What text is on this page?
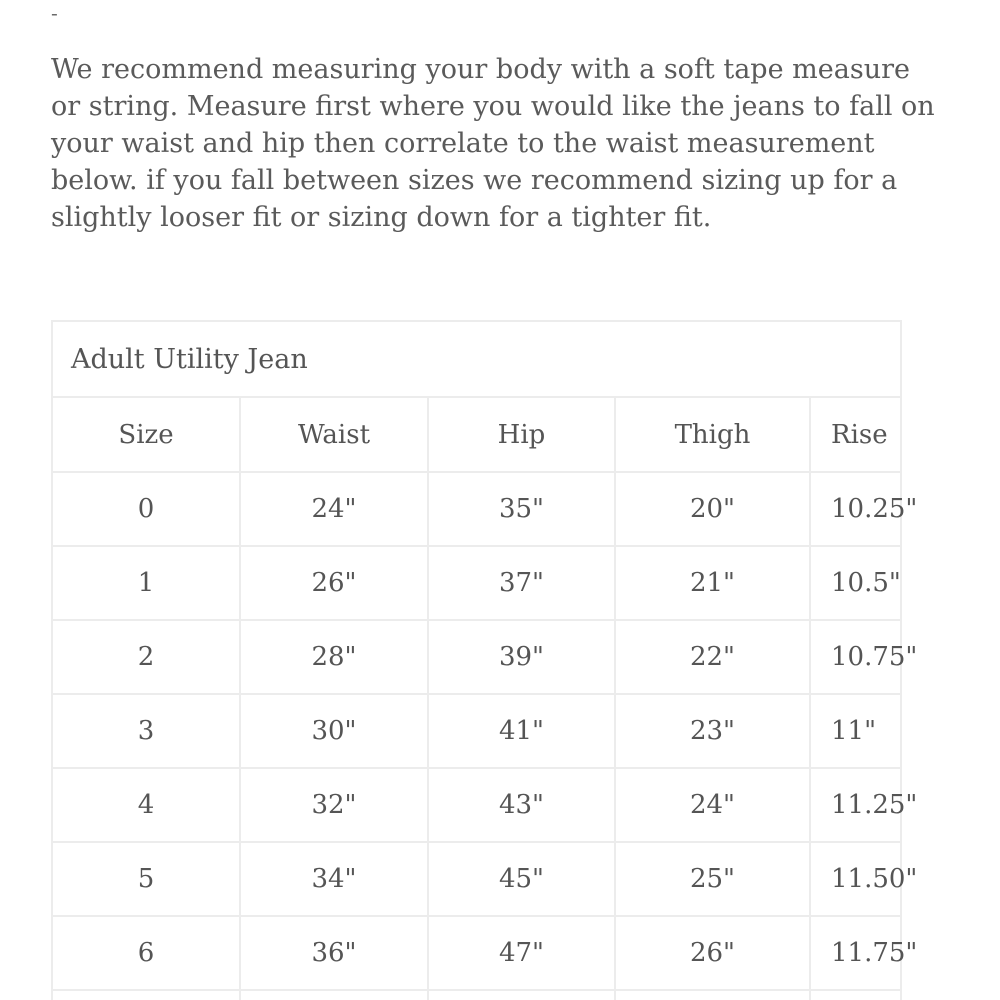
-

We recommend measuring your body with a soft tape measure or string. Measure first where you would like the jeans to fall on your waist and hip then correlate to the waist measurement below. if you fall between sizes we recommend sizing up for a slightly looser fit or sizing down for a tighter fit.

Adult Utility Jean
Size	Waist	Hip	Thigh	Rise
0	24"	35"	20"	10.25"
1	26"	37"	21"	10.5"
2	28"	39"	22"	10.75"
3	30"	41"	23"	11"
4	32"	43"	24"	11.25"
5	34"	45"	25"	11.50"
6	36"	47"	26"	11.75"
